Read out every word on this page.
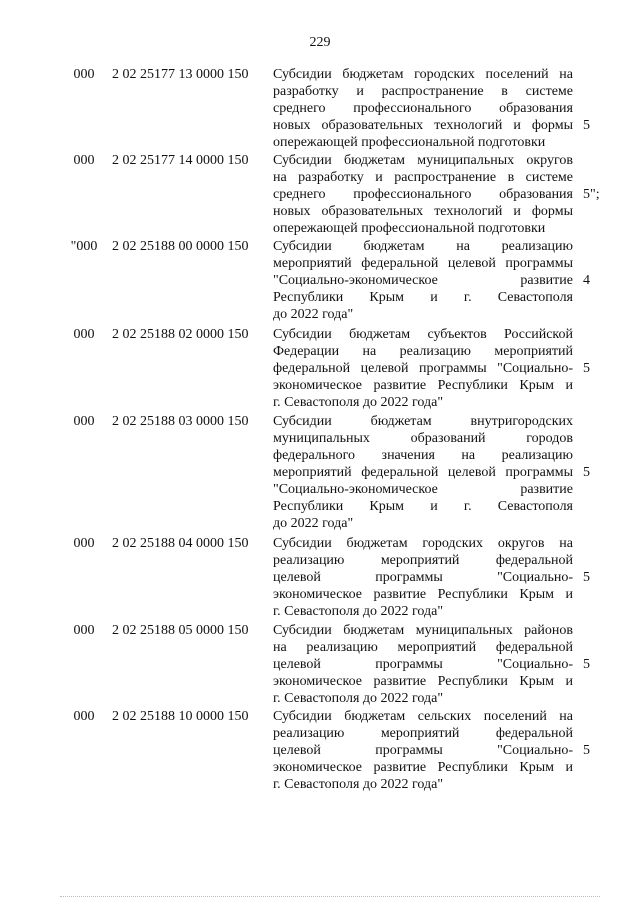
229
000	2 02 25177 13 0000 150	Субсидии бюджетам городских поселений на
разработку и распространение в системе
среднего профессионального образования
новых образовательных технологий и формы
опережающей профессиональной подготовки
5
000	2 02 25177 14 0000 150	Субсидии бюджетам муниципальных округов
на разработку и распространение в системе
среднего профессионального образования
новых образовательных технологий и формы
опережающей профессиональной подготовки
5";
"000	2 02 25188 00 0000 150	Субсидии бюджетам на реализацию
мероприятий федеральной целевой программы
"Социально-экономическое развитие
Республики Крым и г. Севастополя
до 2022 года"
4
000	2 02 25188 02 0000 150	Субсидии бюджетам субъектов Российской
Федерации на реализацию мероприятий
федеральной целевой программы "Социально-
экономическое развитие Республики Крым и
г. Севастополя до 2022 года"
5
000	2 02 25188 03 0000 150	Субсидии бюджетам внутригородских
муниципальных образований городов
федерального значения на реализацию
мероприятий федеральной целевой программы
"Социально-экономическое развитие
Республики Крым и г. Севастополя
до 2022 года"
5
000	2 02 25188 04 0000 150	Субсидии бюджетам городских округов на
реализацию мероприятий федеральной
целевой программы "Социально-
экономическое развитие Республики Крым и
г. Севастополя до 2022 года"
5
000	2 02 25188 05 0000 150	Субсидии бюджетам муниципальных районов
на реализацию мероприятий федеральной
целевой программы "Социально-
экономическое развитие Республики Крым и
г. Севастополя до 2022 года"
5
000	2 02 25188 10 0000 150	Субсидии бюджетам сельских поселений на
реализацию мероприятий федеральной
целевой программы "Социально-
экономическое развитие Республики Крым и
г. Севастополя до 2022 года"
5
